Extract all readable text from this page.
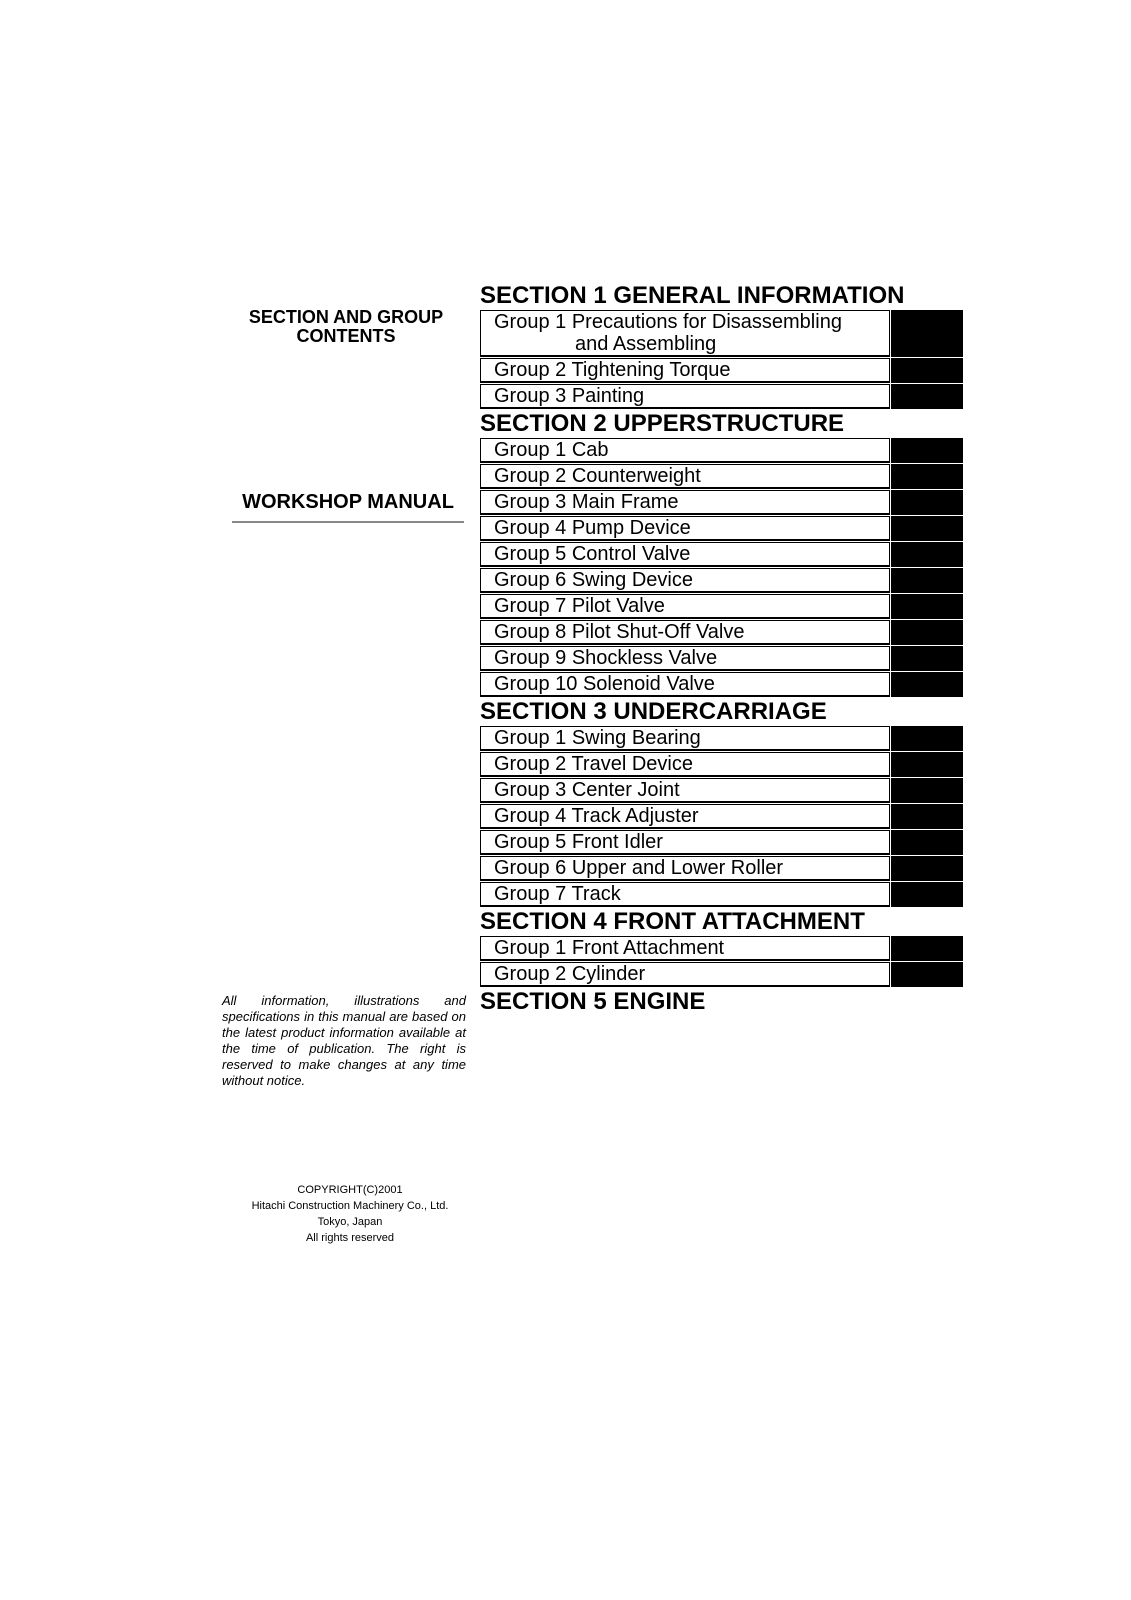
SECTION AND GROUP
CONTENTS
WORKSHOP MANUAL
All information, illustrations and specifications in this manual are based on the latest product information available at the time of publication. The right is reserved to make changes at any time without notice.
COPYRIGHT(C)2001
Hitachi Construction Machinery Co., Ltd.
Tokyo, Japan
All rights reserved
SECTION 1 GENERAL INFORMATION
Group 1 Precautions for Disassembling
and Assembling
Group 2 Tightening Torque
Group 3 Painting
SECTION 2 UPPERSTRUCTURE
Group 1 Cab
Group 2 Counterweight
Group 3 Main Frame
Group 4 Pump Device
Group 5 Control Valve
Group 6 Swing Device
Group 7 Pilot Valve
Group 8 Pilot Shut-Off Valve
Group 9 Shockless Valve
Group 10 Solenoid Valve
SECTION 3 UNDERCARRIAGE
Group 1 Swing Bearing
Group 2 Travel Device
Group 3 Center Joint
Group 4 Track Adjuster
Group 5 Front Idler
Group 6 Upper and Lower Roller
Group 7 Track
SECTION 4 FRONT ATTACHMENT
Group 1 Front Attachment
Group 2 Cylinder
SECTION 5 ENGINE
